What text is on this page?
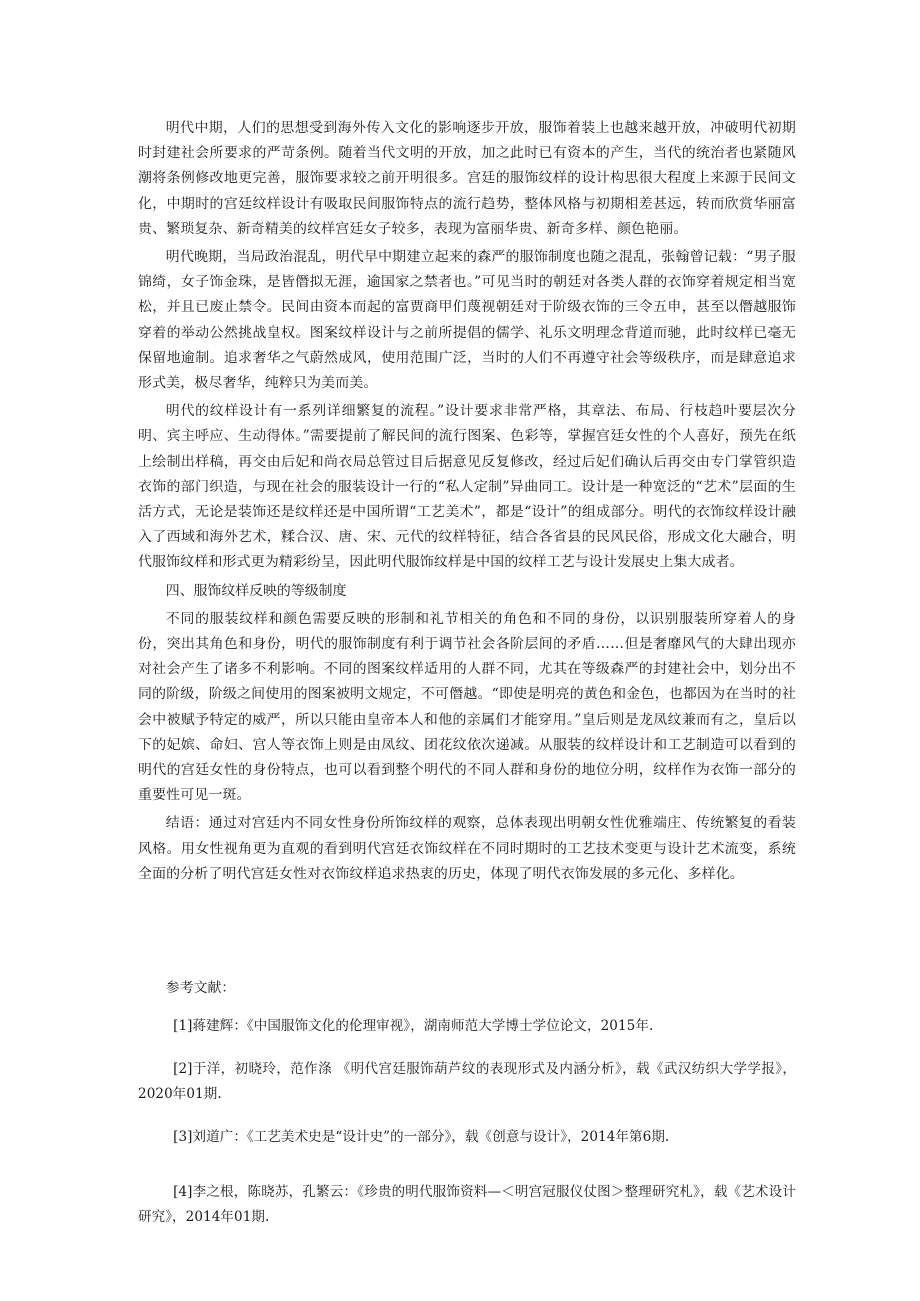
明代中期，人们的思想受到海外传入文化的影响逐步开放，服饰着装上也越来越开放，冲破明代初期时封建社会所要求的严苛条例。随着当代文明的开放，加之此时已有资本的产生，当代的统治者也紧随风潮将条例修改地更完善，服饰要求较之前开明很多。宫廷的服饰纹样的设计构思很大程度上来源于民间文化，中期时的宫廷纹样设计有吸取民间服饰特点的流行趋势，整体风格与初期相差甚远，转而欣赏华丽富贵、繁琐复杂、新奇精美的纹样宫廷女子较多，表现为富丽华贵、新奇多样、颜色艳丽。

明代晚期，当局政治混乱，明代早中期建立起来的森严的服饰制度也随之混乱，张翰曾记载：“男子服锦绮，女子饰金珠，是皆僭拟无涯，逾国家之禁者也。”可见当时的朝廷对各类人群的衣饰穿着规定相当宽松，并且已废止禁令。民间由资本而起的富贾商甲们蔑视朝廷对于阶级衣饰的三令五申，甚至以僭越服饰穿着的举动公然挑战皇权。图案纹样设计与之前所提倡的儒学、礼乐文明理念背道而驰，此时纹样已毫无保留地逾制。追求奢华之气蔚然成风，使用范围广泛，当时的人们不再遵守社会等级秩序，而是肆意追求形式美，极尽奢华，纯粹只为美而美。

明代的纹样设计有一系列详细繁复的流程。”设计要求非常严格，其章法、布局、行枝趋叶要层次分明、宾主呼应、生动得体。”需要提前了解民间的流行图案、色彩等，掌握宫廷女性的个人喜好，预先在纸上绘制出样稿，再交由后妃和尚衣局总管过目后据意见反复修改，经过后妃们确认后再交由专门掌管织造衣饰的部门织造，与现在社会的服装设计一行的“私人定制”异曲同工。设计是一种宽泛的“艺术”层面的生活方式，无论是装饰还是纹样还是中国所谓“工艺美术”，都是“设计”的组成部分。明代的衣饰纹样设计融入了西域和海外艺术，糅合汉、唐、宋、元代的纹样特征，结合各省县的民风民俗，形成文化大融合，明代服饰纹样和形式更为精彩纷呈，因此明代服饰纹样是中国的纹样工艺与设计发展史上集大成者。

四、服饰纹样反映的等级制度

不同的服装纹样和颜色需要反映的形制和礼节相关的角色和不同的身份，以识别服装所穿着人的身份，突出其角色和身份，明代的服饰制度有利于调节社会各阶层间的矛盾……但是奢靡风气的大肆出现亦对社会产生了诸多不利影响。不同的图案纹样适用的人群不同，尤其在等级森严的封建社会中，划分出不同的阶级，阶级之间使用的图案被明文规定，不可僭越。“即使是明亮的黄色和金色，也都因为在当时的社会中被赋予特定的威严，所以只能由皇帝本人和他的亲属们才能穿用。”皇后则是龙凤纹兼而有之，皇后以下的妃嫔、命妇、宫人等衣饰上则是由凤纹、团花纹依次递减。从服装的纹样设计和工艺制造可以看到的明代的宫廷女性的身份特点，也可以看到整个明代的不同人群和身份的地位分明，纹样作为衣饰一部分的重要性可见一斑。

结语：通过对宫廷内不同女性身份所饰纹样的观察，总体表现出明朝女性优雅端庄、传统繁复的看装风格。用女性视角更为直观的看到明代宫廷衣饰纹样在不同时期时的工艺技术变更与设计艺术流变，系统全面的分析了明代宫廷女性对衣饰纹样追求热衷的历史，体现了明代衣饰发展的多元化、多样化。

参考文献：

[1]蒋建辉：《中国服饰文化的伦理审视》，湖南师范大学博士学位论文，2015年.

[2]于洋，初晓玲，范作涤 《明代宫廷服饰葫芦纹的表现形式及内涵分析》，载《武汉纺织大学学报》，2020年01期.

[3]刘道广：《工艺美术史是“设计史”的一部分》，载《创意与设计》，2014年第6期.

[4]李之根，陈晓苏，孔繁云：《珍贵的明代服饰资料—＜明宫冠服仪仗图＞整理研究札》，载《艺术设计研究》，2014年01期.
